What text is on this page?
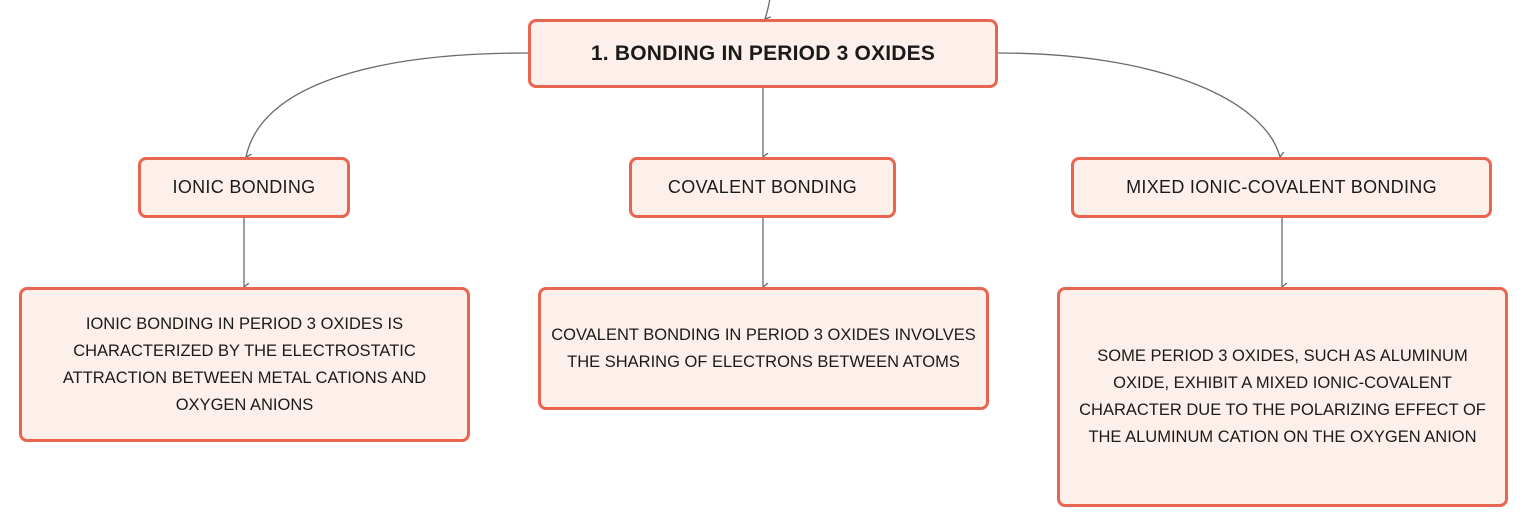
1. BONDING IN PERIOD 3 OXIDES
IONIC BONDING	COVALENT BONDING	MIXED IONIC-COVALENT BONDING
IONIC BONDING IN PERIOD 3 OXIDES IS CHARACTERIZED BY THE ELECTROSTATIC ATTRACTION BETWEEN METAL CATIONS AND OXYGEN ANIONS
COVALENT BONDING IN PERIOD 3 OXIDES INVOLVES THE SHARING OF ELECTRONS BETWEEN ATOMS	SOME PERIOD 3 OXIDES, SUCH AS ALUMINUM OXIDE, EXHIBIT A MIXED IONIC-COVALENT CHARACTER DUE TO THE POLARIZING EFFECT OF THE ALUMINUM CATION ON THE OXYGEN ANION
